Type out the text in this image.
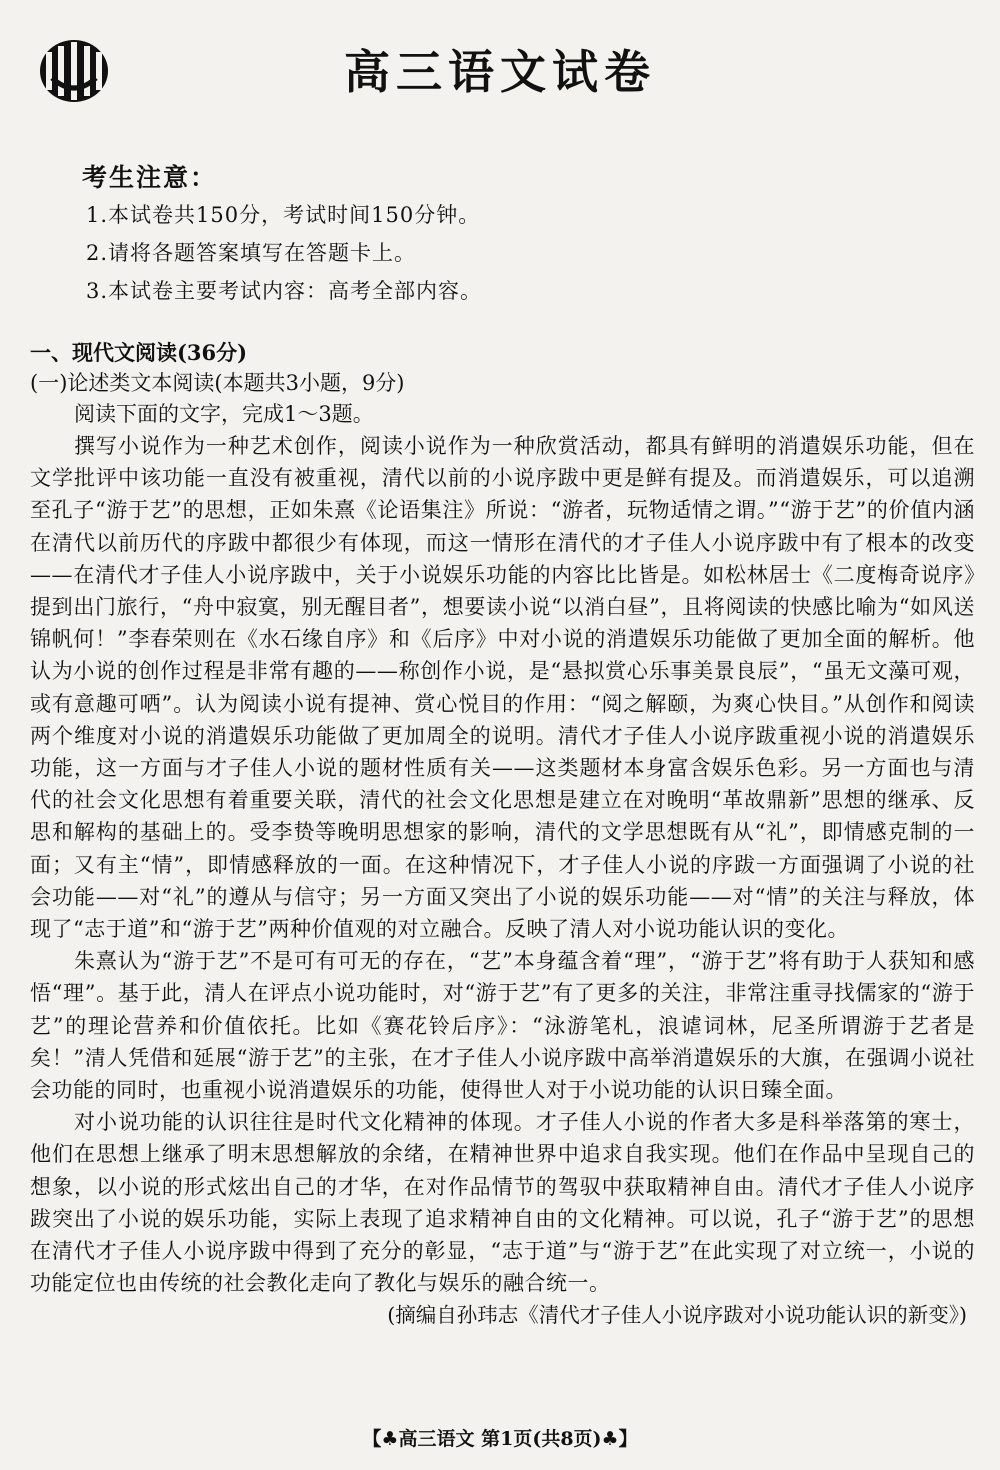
高三语文试卷
考生注意：
1.本试卷共150分，考试时间150分钟。
2.请将各题答案填写在答题卡上。
3.本试卷主要考试内容：高考全部内容。
一、现代文阅读(36分)
(一)论述类文本阅读(本题共3小题，9分)
阅读下面的文字，完成1～3题。

撰写小说作为一种艺术创作，阅读小说作为一种欣赏活动，都具有鲜明的消遣娱乐功能，但在文学批评中该功能一直没有被重视，清代以前的小说序跋中更是鲜有提及。而消遣娱乐，可以追溯至孔子“游于艺”的思想，正如朱熹《论语集注》所说：“游者，玩物适情之谓。”“游于艺”的价值内涵在清代以前历代的序跋中都很少有体现，而这一情形在清代的才子佳人小说序跋中有了根本的改变——在清代才子佳人小说序跋中，关于小说娱乐功能的内容比比皆是。如松林居士《二度梅奇说序》提到出门旅行，“舟中寂寞，别无醒目者”，想要读小说“以消白昼”，且将阅读的快感比喻为“如风送锦帆何！”李春荣则在《水石缘自序》和《后序》中对小说的消遣娱乐功能做了更加全面的解析。他认为小说的创作过程是非常有趣的——称创作小说，是“悬拟赏心乐事美景良辰”，“虽无文藻可观，或有意趣可哂”。认为阅读小说有提神、赏心悦目的作用：“阅之解颐，为爽心快目。”从创作和阅读两个维度对小说的消遣娱乐功能做了更加周全的说明。清代才子佳人小说序跋重视小说的消遣娱乐功能，这一方面与才子佳人小说的题材性质有关——这类题材本身富含娱乐色彩。另一方面也与清代的社会文化思想有着重要关联，清代的社会文化思想是建立在对晚明“革故鼎新”思想的继承、反思和解构的基础上的。受李贽等晚明思想家的影响，清代的文学思想既有从“礼”，即情感克制的一面；又有主“情”，即情感释放的一面。在这种情况下，才子佳人小说的序跋一方面强调了小说的社会功能——对“礼”的遵从与信守；另一方面又突出了小说的娱乐功能——对“情”的关注与释放，体现了“志于道”和“游于艺”两种价值观的对立融合。反映了清人对小说功能认识的变化。

朱熹认为“游于艺”不是可有可无的存在，“艺”本身蕴含着“理”，“游于艺”将有助于人获知和感悟“理”。基于此，清人在评点小说功能时，对“游于艺”有了更多的关注，非常注重寻找儒家的“游于艺”的理论营养和价值依托。比如《赛花铃后序》：“泳游笔札，浪谑词林，尼圣所谓游于艺者是矣！”清人凭借和延展“游于艺”的主张，在才子佳人小说序跋中高举消遣娱乐的大旗，在强调小说社会功能的同时，也重视小说消遣娱乐的功能，使得世人对于小说功能的认识日臻全面。

对小说功能的认识往往是时代文化精神的体现。才子佳人小说的作者大多是科举落第的寒士，他们在思想上继承了明末思想解放的余绪，在精神世界中追求自我实现。他们在作品中呈现自己的想象，以小说的形式炫出自己的才华，在对作品情节的驾驭中获取精神自由。清代才子佳人小说序跋突出了小说的娱乐功能，实际上表现了追求精神自由的文化精神。可以说，孔子“游于艺”的思想在清代才子佳人小说序跋中得到了充分的彰显，“志于道”与“游于艺”在此实现了对立统一，小说的功能定位也由传统的社会教化走向了教化与娱乐的融合统一。

(摘编自孙玮志《清代才子佳人小说序跋对小说功能认识的新变》)
【♣高三语文 第1页(共8页)♣】
